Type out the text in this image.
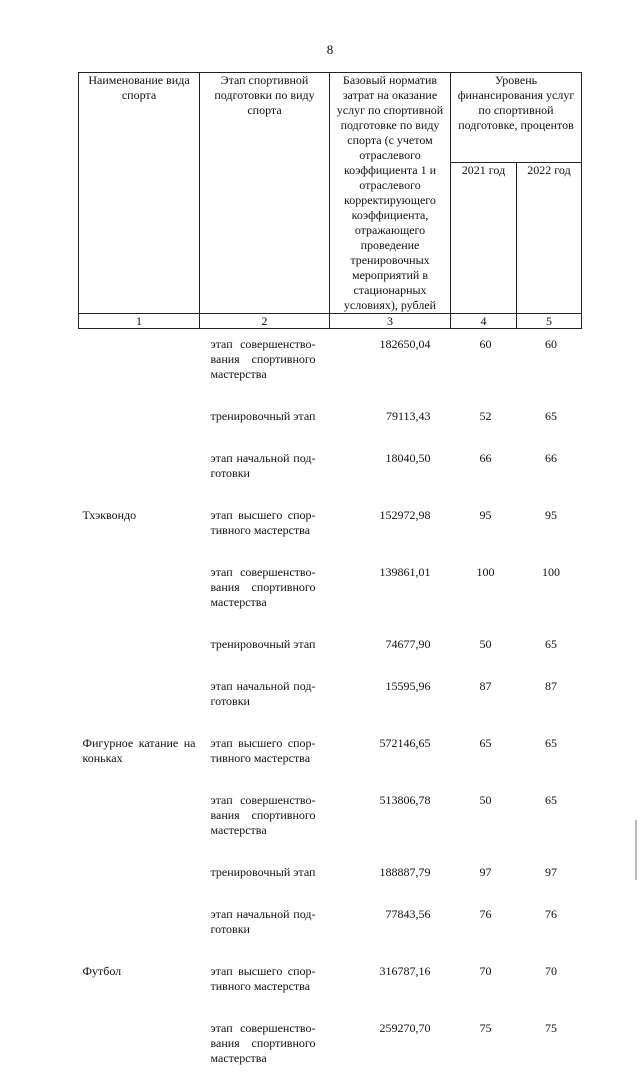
8
Наименование вида спорта	Этап спортивной подготовки по виду спорта	Базовый норматив затрат на оказание услуг по спортивной подготовке по виду спорта (с учетом отраслевого коэффициента 1 и отраслевого корректирующего коэффициента, отражающего проведение тренировочных мероприятий в стационарных условиях), рублей	Уровень финансирования услуг по спортивной подготовке, процентов	
			2021 год	2022 год
1	2	3	4	5
	этап совершенство-вания спортивного мастерства	182650,04	60	60
	тренировочный этап	79113,43	52	65
	этап начальной под-готовки	18040,50	66	66
Тхэквондо	этап высшего спор-тивного мастерства	152972,98	95	95
	этап совершенство-вания спортивного мастерства	139861,01	100	100
	тренировочный этап	74677,90	50	65
	этап начальной под-готовки	15595,96	87	87
Фигурное катание на коньках	этап высшего спор-тивного мастерства	572146,65	65	65
	этап совершенство-вания спортивного мастерства	513806,78	50	65
	тренировочный этап	188887,79	97	97
	этап начальной под-готовки	77843,56	76	76
Футбол	этап высшего спор-тивного мастерства	316787,16	70	70
	этап совершенство-вания спортивного мастерства	259270,70	75	75
